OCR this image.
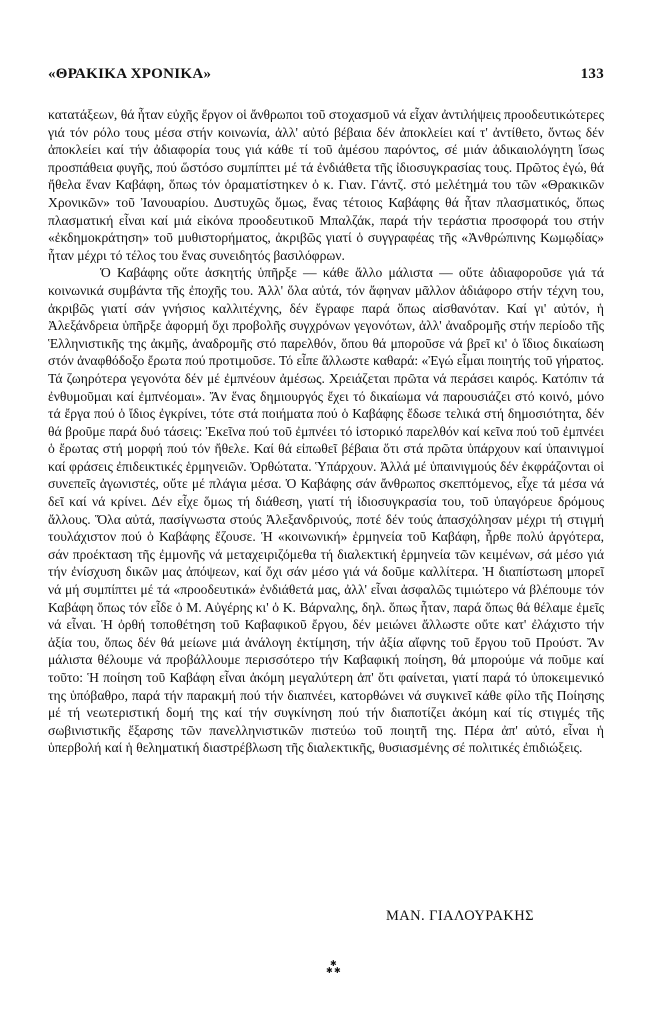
«ΘΡΑΚΙΚΑ ΧΡΟΝΙΚΑ»	133

κατατάξεων, θά ἦταν εὐχῆς ἔργον οἱ ἄνθρωποι τοῦ στοχασμοῦ νά εἶχαν ἀντιλήψεις προοδευτικώτερες γιά τόν ρόλο τους μέσα στήν κοινωνία, ἀλλ' αὐτό βέβαια δέν ἀποκλείει καί τ' ἀντίθετο, ὄντως δέν ἀποκλείει καί τήν ἀδιαφορία τους γιά κάθε τί τοῦ ἀμέσου παρόντος, σέ μιάν ἀδικαιολόγητη ἴσως προσπάθεια φυγῆς, πού ὥστόσο συμπίπτει μέ τά ἐνδιάθετα τῆς ἰδιοσυγκρασίας τους. Πρῶτος ἐγώ, θά ἤθελα ἕναν Καβάφη, ὅπως τόν ὁραματίστηκεν ὁ κ. Γιαν. Γάντζ. στό μελέτημά του τῶν «Θρακικῶν Χρονικῶν» τοῦ Ἰανουαρίου. Δυστυχῶς ὅμως, ἕνας τέτοιος Καβάφης θά ἦταν πλασματικός, ὅπως πλασματική εἶναι καί μιά εἰκόνα προοδευτικοῦ Μπαλζάκ, παρά τήν τεράστια προσφορά του στήν «ἐκδημοκράτηση» τοῦ μυθιστορήματος, ἀκριβῶς γιατί ὁ συγγραφέας τῆς «Ἀνθρώπινης Κωμῳδίας» ἦταν μέχρι τό τέλος του ἕνας συνειδητός βασιλόφρων.

Ὁ Καβάφης οὔτε ἀσκητής ὑπῆρξε — κάθε ἄλλο μάλιστα — οὔτε ἀδιαφοροῦσε γιά τά κοινωνικά συμβάντα τῆς ἐποχῆς του. Ἀλλ' ὅλα αὐτά, τόν ἄφηναν μᾶλλον ἀδιάφορο στήν τέχνη του, ἀκριβῶς γιατί σάν γνήσιος καλλιτέχνης, δέν ἔγραφε παρά ὅπως αἰσθανόταν. Καί γι' αὐτόν, ἡ Ἀλεξάνδρεια ὑπῆρξε ἀφορμή ὄχι προβολῆς συγχρόνων γεγονότων, ἀλλ' ἀναδρομῆς στήν περίοδο τῆς Ἑλληνιστικῆς της ἀκμῆς, ἀναδρομῆς στό παρελθόν, ὅπου θά μποροῦσε νά βρεῖ κι' ὁ ἴδιος δικαίωση στόν ἀναφθόδοξο ἔρωτα πού προτιμοῦσε. Τό εἶπε ἄλλωστε καθαρά: «Ἐγώ εἶμαι ποιητής τοῦ γήρατος. Τά ζωηρότερα γεγονότα δέν μέ ἐμπνέουν ἀμέσως. Χρειάζεται πρῶτα νά περάσει καιρός. Κατόπιν τά ἐνθυμοῦμαι καί ἐμπνέομαι». Ἄν ἕνας δημιουργός ἔχει τό δικαίωμα νά παρουσιάζει στό κοινό, μόνο τά ἔργα πού ὁ ἴδιος ἐγκρίνει, τότε στά ποιήματα πού ὁ Καβάφης ἔδωσε τελικά στή δημοσιότητα, δέν θά βροῦμε παρά δυό τάσεις: Ἐκεῖνα πού τοῦ ἐμπνέει τό ἱστορικό παρελθόν καί κεῖνα πού τοῦ ἐμπνέει ὁ ἔρωτας στή μορφή πού τόν ἤθελε. Καί θά εἰπωθεῖ βέβαια ὅτι στά πρῶτα ὑπάρχουν καί ὑπαινιγμοί καί φράσεις ἐπιδεικτικές ἑρμηνειῶν. Ὀρθώτατα. Ὑπάρχουν. Ἀλλά μέ ὑπαινιγμούς δέν ἐκφράζονται οἱ συνεπεῖς ἀγωνιστές, οὔτε μέ πλάγια μέσα. Ὁ Καβάφης σάν ἄνθρωπος σκεπτόμενος, εἶχε τά μέσα νά δεῖ καί νά κρίνει. Δέν εἶχε ὅμως τή διάθεση, γιατί τή ἰδιοσυγκρασία του, τοῦ ὑπαγόρευε δρόμους ἄλλους. Ὅλα αὐτά, πασίγνωστα στούς Ἀλεξανδρινούς, ποτέ δέν τούς ἀπασχόλησαν μέχρι τή στιγμή τουλάχιστον πού ὁ Καβάφης ἔζουσε. Ἡ «κοινωνική» ἑρμηνεία τοῦ Καβάφη, ἦρθε πολύ ἀργότερα, σάν προέκταση τῆς ἐμμονῆς νά μεταχειριζόμεθα τή διαλεκτική ἑρμηνεία τῶν κειμένων, σά μέσο γιά τήν ἐνίσχυση δικῶν μας ἀπόψεων, καί ὄχι σάν μέσο γιά νά δοῦμε καλλίτερα. Ἡ διαπίστωση μπορεῖ νά μή συμπίπτει μέ τά «προοδευτικά» ἐνδιάθετά μας, ἀλλ' εἶναι ἀσφαλῶς τιμιώτερο νά βλέπουμε τόν Καβάφη ὅπως τόν εἶδε ὁ Μ. Αὐγέρης κι' ὁ Κ. Βάρναλης, δηλ. ὅπως ἦταν, παρά ὅπως θά θέλαμε ἐμεῖς νά εἶναι. Ἡ ὀρθή τοποθέτηση τοῦ Καβαφικοῦ ἔργου, δέν μειώνει ἄλλωστε οὔτε κατ' ἐλάχιστο τήν ἀξία του, ὅπως δέν θά μείωνε μιά ἀνάλογη ἐκτίμηση, τήν ἀξία αἴφνης τοῦ ἔργου τοῦ Προύστ. Ἄν μάλιστα θέλουμε νά προβάλλουμε περισσότερο τήν Καβαφική ποίηση, θά μπορούμε νά ποῦμε καί τοῦτο: Ἡ ποίηση τοῦ Καβάφη εἶναι ἀκόμη μεγαλύτερη ἀπ' ὅτι φαίνεται, γιατί παρά τό ὑποκειμενικό της ὑπόβαθρο, παρά τήν παρακμή πού τήν διαπνέει, κατορθώνει νά συγκινεῖ κάθε φίλο τῆς Ποίησης μέ τή νεωτεριστική δομή της καί τήν συγκίνηση πού τήν διαποτίζει ἀκόμη καί τίς στιγμές τῆς σωβινιστικῆς ἔξαρσης τῶν πανελληνιστικῶν πιστεύω τοῦ ποιητῆ της. Πέρα ἀπ' αὐτό, εἶναι ἡ ὑπερβολή καί ἡ θεληματική διαστρέβλωση τῆς διαλεκτικῆς, θυσιασμένης σέ πολιτικές ἐπιδιώξεις.

ΜΑΝ. ΓΙΑΛΟΥΡΑΚΗΣ
✱
✱ ✱
